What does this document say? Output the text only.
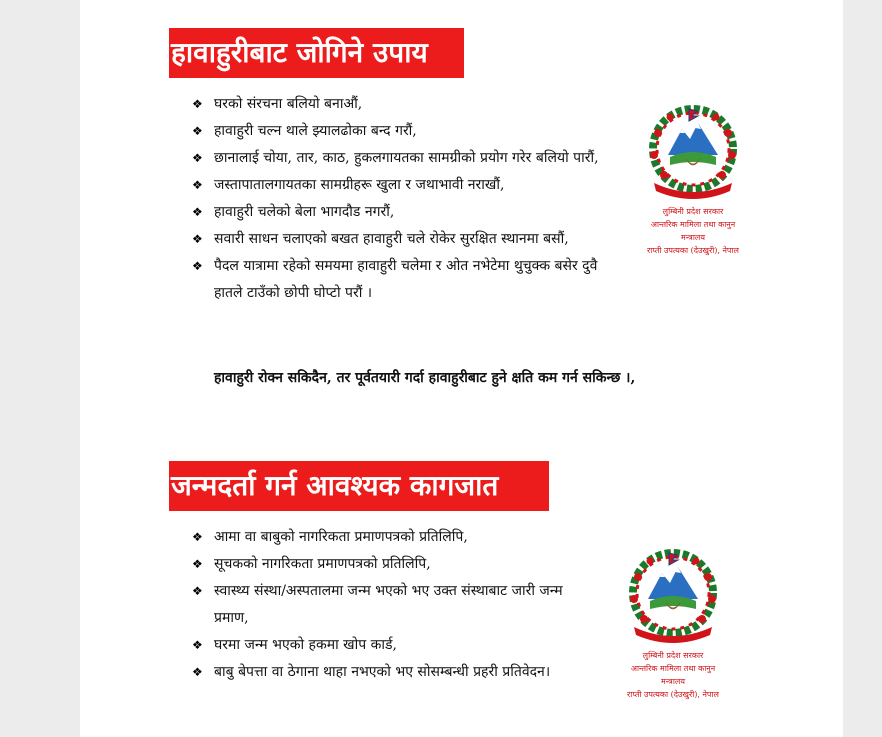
हावाहुरीबाट जोगिने उपाय
❖ घरको संरचना बलियो बनाऔं,
❖ हावाहुरी चल्न थाले झ्यालढोका बन्द गरौं,
❖ छानालाई चोया, तार, काठ, हुकलगायतका सामग्रीको प्रयोग गरेर बलियो पारौं,
❖ जस्तापातालगायतका सामग्रीहरू खुला र जथाभावी नराखौं,
❖ हावाहुरी चलेको बेला भागदौड नगरौं,
❖ सवारी साधन चलाएको बखत हावाहुरी चले रोकेर सुरक्षित स्थानमा बसौं,
❖ पैदल यात्रामा रहेको समयमा हावाहुरी चलेमा र ओत नभेटेमा थुचुक्क बसेर दुवै हातले टाउँको छोपी घोप्टो परौं ।
हावाहुरी रोक्न सकिदैन, तर पूर्वतयारी गर्दा हावाहुरीबाट हुने क्षति कम गर्न सकिन्छ ।,
लुम्बिनी प्रदेश सरकार
आन्तरिक मामिला तथा कानुन
मन्त्रालय
राप्ती उपत्यका (देउखुरी), नेपाल
जन्मदर्ता गर्न आवश्यक कागजात
❖ आमा वा बाबुको नागरिकता प्रमाणपत्रको प्रतिलिपि,
❖ सूचकको नागरिकता प्रमाणपत्रको प्रतिलिपि,
❖ स्वास्थ्य संस्था/अस्पतालमा जन्म भएको भए उक्त संस्थाबाट जारी जन्म प्रमाण,
❖ घरमा जन्म भएको हकमा खोप कार्ड,
❖ बाबु बेपत्ता वा ठेगाना थाहा नभएको भए सोसम्बन्धी प्रहरी प्रतिवेदन।
लुम्बिनी प्रदेश सरकार
आन्तरिक मामिला तथा कानुन
मन्त्रालय
राप्ती उपत्यका (देउखुरी), नेपाल
